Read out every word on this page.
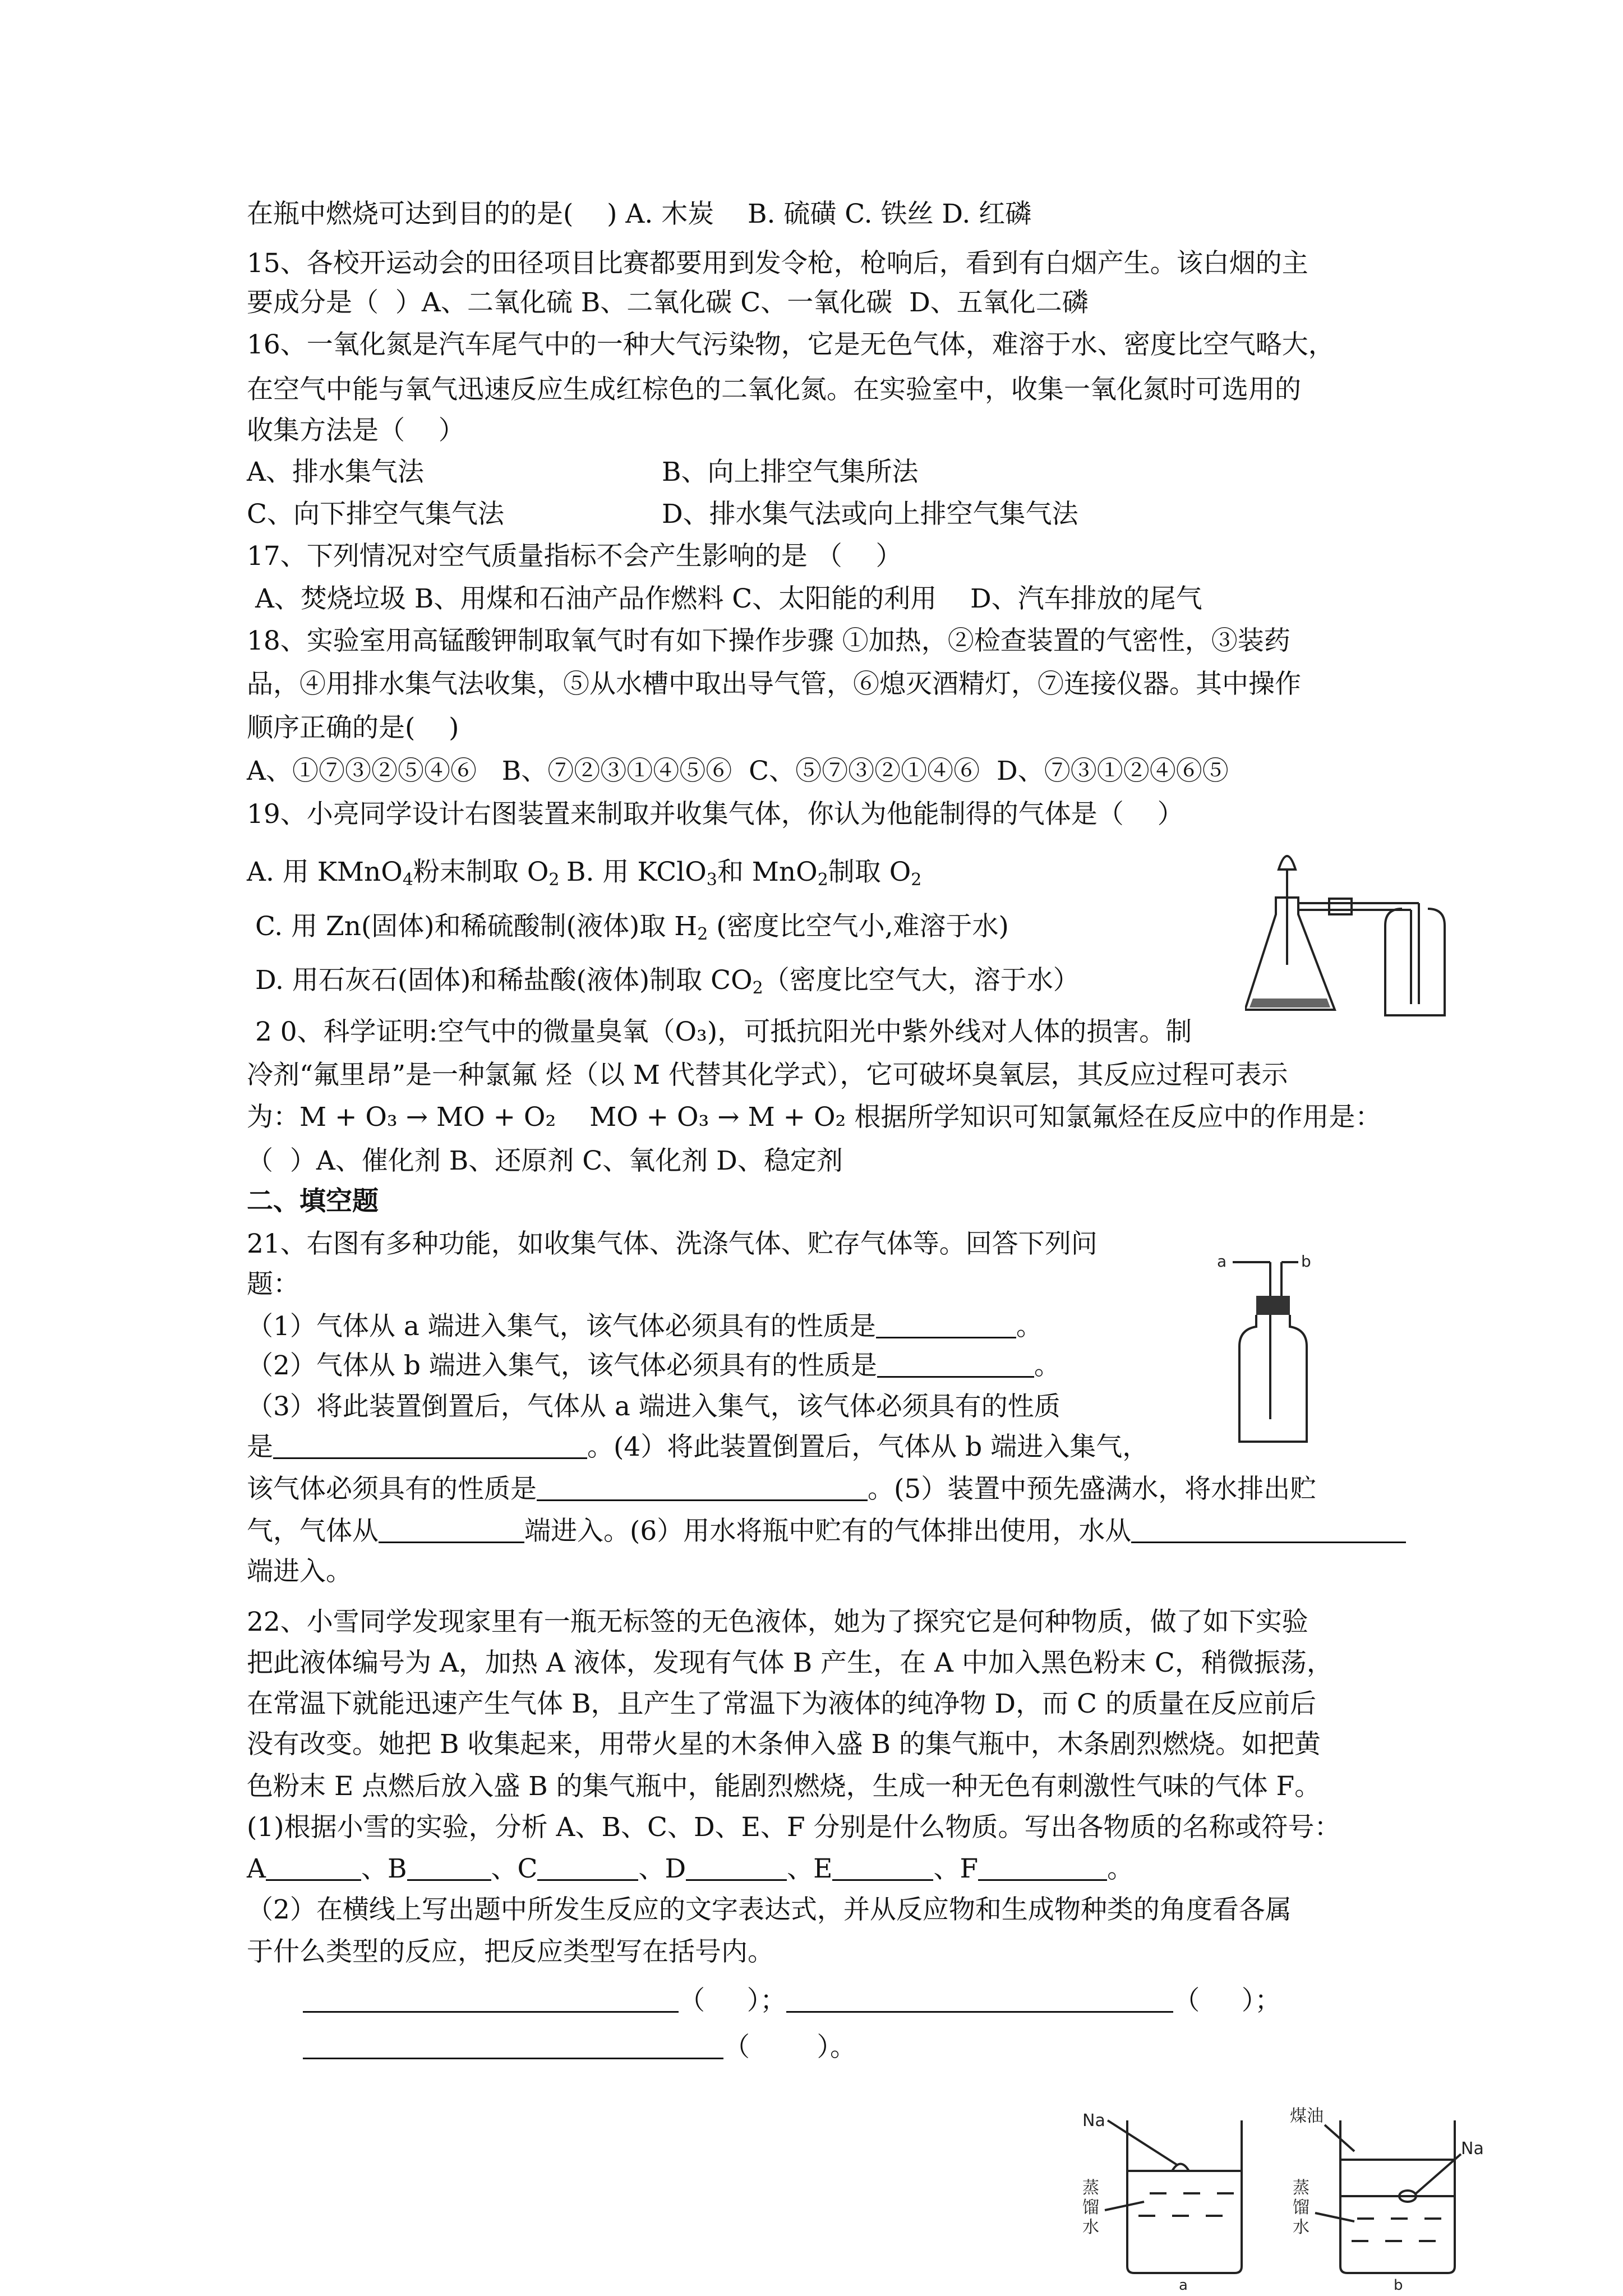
在瓶中燃烧可达到目的的是(    ) A. 木炭    B. 硫磺 C. 铁丝 D. 红磷
15、各校开运动会的田径项目比赛都要用到发令枪，枪响后，看到有白烟产生。该白烟的主
要成分是（  ）A、二氧化硫 B、二氧化碳 C、一氧化碳  D、五氧化二磷
16、一氧化氮是汽车尾气中的一种大气污染物，它是无色气体，难溶于水、密度比空气略大，
在空气中能与氧气迅速反应生成红棕色的二氧化氮。在实验室中，收集一氧化氮时可选用的
收集方法是（    ）
A、排水集气法	B、向上排空气集所法
C、向下排空气集气法	D、排水集气法或向上排空气集气法
17、下列情况对空气质量指标不会产生影响的是 （    ）
A、焚烧垃圾 B、用煤和石油产品作燃料 C、太阳能的利用    D、汽车排放的尾气
18、实验室用高锰酸钾制取氧气时有如下操作步骤 ①加热，②检查装置的气密性，③装药
品，④用排水集气法收集，⑤从水槽中取出导气管，⑥熄灭酒精灯，⑦连接仪器。其中操作
顺序正确的是(    )
A、①⑦③②⑤④⑥   B、⑦②③①④⑤⑥  C、⑤⑦③②①④⑥  D、⑦③①②④⑥⑤
19、小亮同学设计右图装置来制取并收集气体，你认为他能制得的气体是（    ）
A. 用 KMnO$_4$粉末制取 $O_2$ B. 用 KClO$_3$和 MnO$_2$制取 $O_2$
C. 用 Zn(固体)和稀硫酸制(液体)取 $H_2$ (密度比空气小,难溶于水)
D. 用石灰石(固体)和稀盐酸(液体)制取 $CO_2$（密度比空气大，溶于水）
2 0、科学证明:空气中的微量臭氧（O₃)，可抵抗阳光中紫外线对人体的损害。制
冷剂“氟里昂”是一种氯氟 烃（以 M 代替其化学式），它可破坏臭氧层，其反应过程可表示
为：M + O₃ → MO + O₂    MO + O₃ → M + O₂ 根据所学知识可知氯氟烃在反应中的作用是：
（  ）A、催化剂 B、还原剂 C、氧化剂 D、稳定剂
二、填空题
21、右图有多种功能，如收集气体、洗涤气体、贮存气体等。回答下列问
题：
（1）气体从 a 端进入集气，该气体必须具有的性质是	。
（2）气体从 b 端进入集气，该气体必须具有的性质是	。
（3）将此装置倒置后，气体从 a 端进入集气，该气体必须具有的性质
是	。(4）将此装置倒置后，气体从 b 端进入集气，
该气体必须具有的性质是	。(5）装置中预先盛满水，将水排出贮
气，气体从	端进入。(6）用水将瓶中贮有的气体排出使用，水从
端进入。
22、小雪同学发现家里有一瓶无标签的无色液体，她为了探究它是何种物质，做了如下实验
把此液体编号为 A，加热 A 液体，发现有气体 B 产生，在 A 中加入黑色粉末 C，稍微振荡，
在常温下就能迅速产生气体 B，且产生了常温下为液体的纯净物 D，而 C 的质量在反应前后
没有改变。她把 B 收集起来，用带火星的木条伸入盛 B 的集气瓶中，木条剧烈燃烧。如把黄
色粉末 E 点燃后放入盛 B 的集气瓶中，能剧烈燃烧，生成一种无色有刺激性气味的气体 F。
(1)根据小雪的实验，分析 A、B、C、D、E、F 分别是什么物质。写出各物质的名称或符号：
A	、B	、C	、D	、E	、F	。
（2）在横线上写出题中所发生反应的文字表达式，并从反应物和生成物种类的角度看各属
于什么类型的反应，把反应类型写在括号内。
（     ）；	（     ）；
（        ）。
a	b
Na
蒸
馏
水
a
煤油
Na
蒸
馏
水
b
